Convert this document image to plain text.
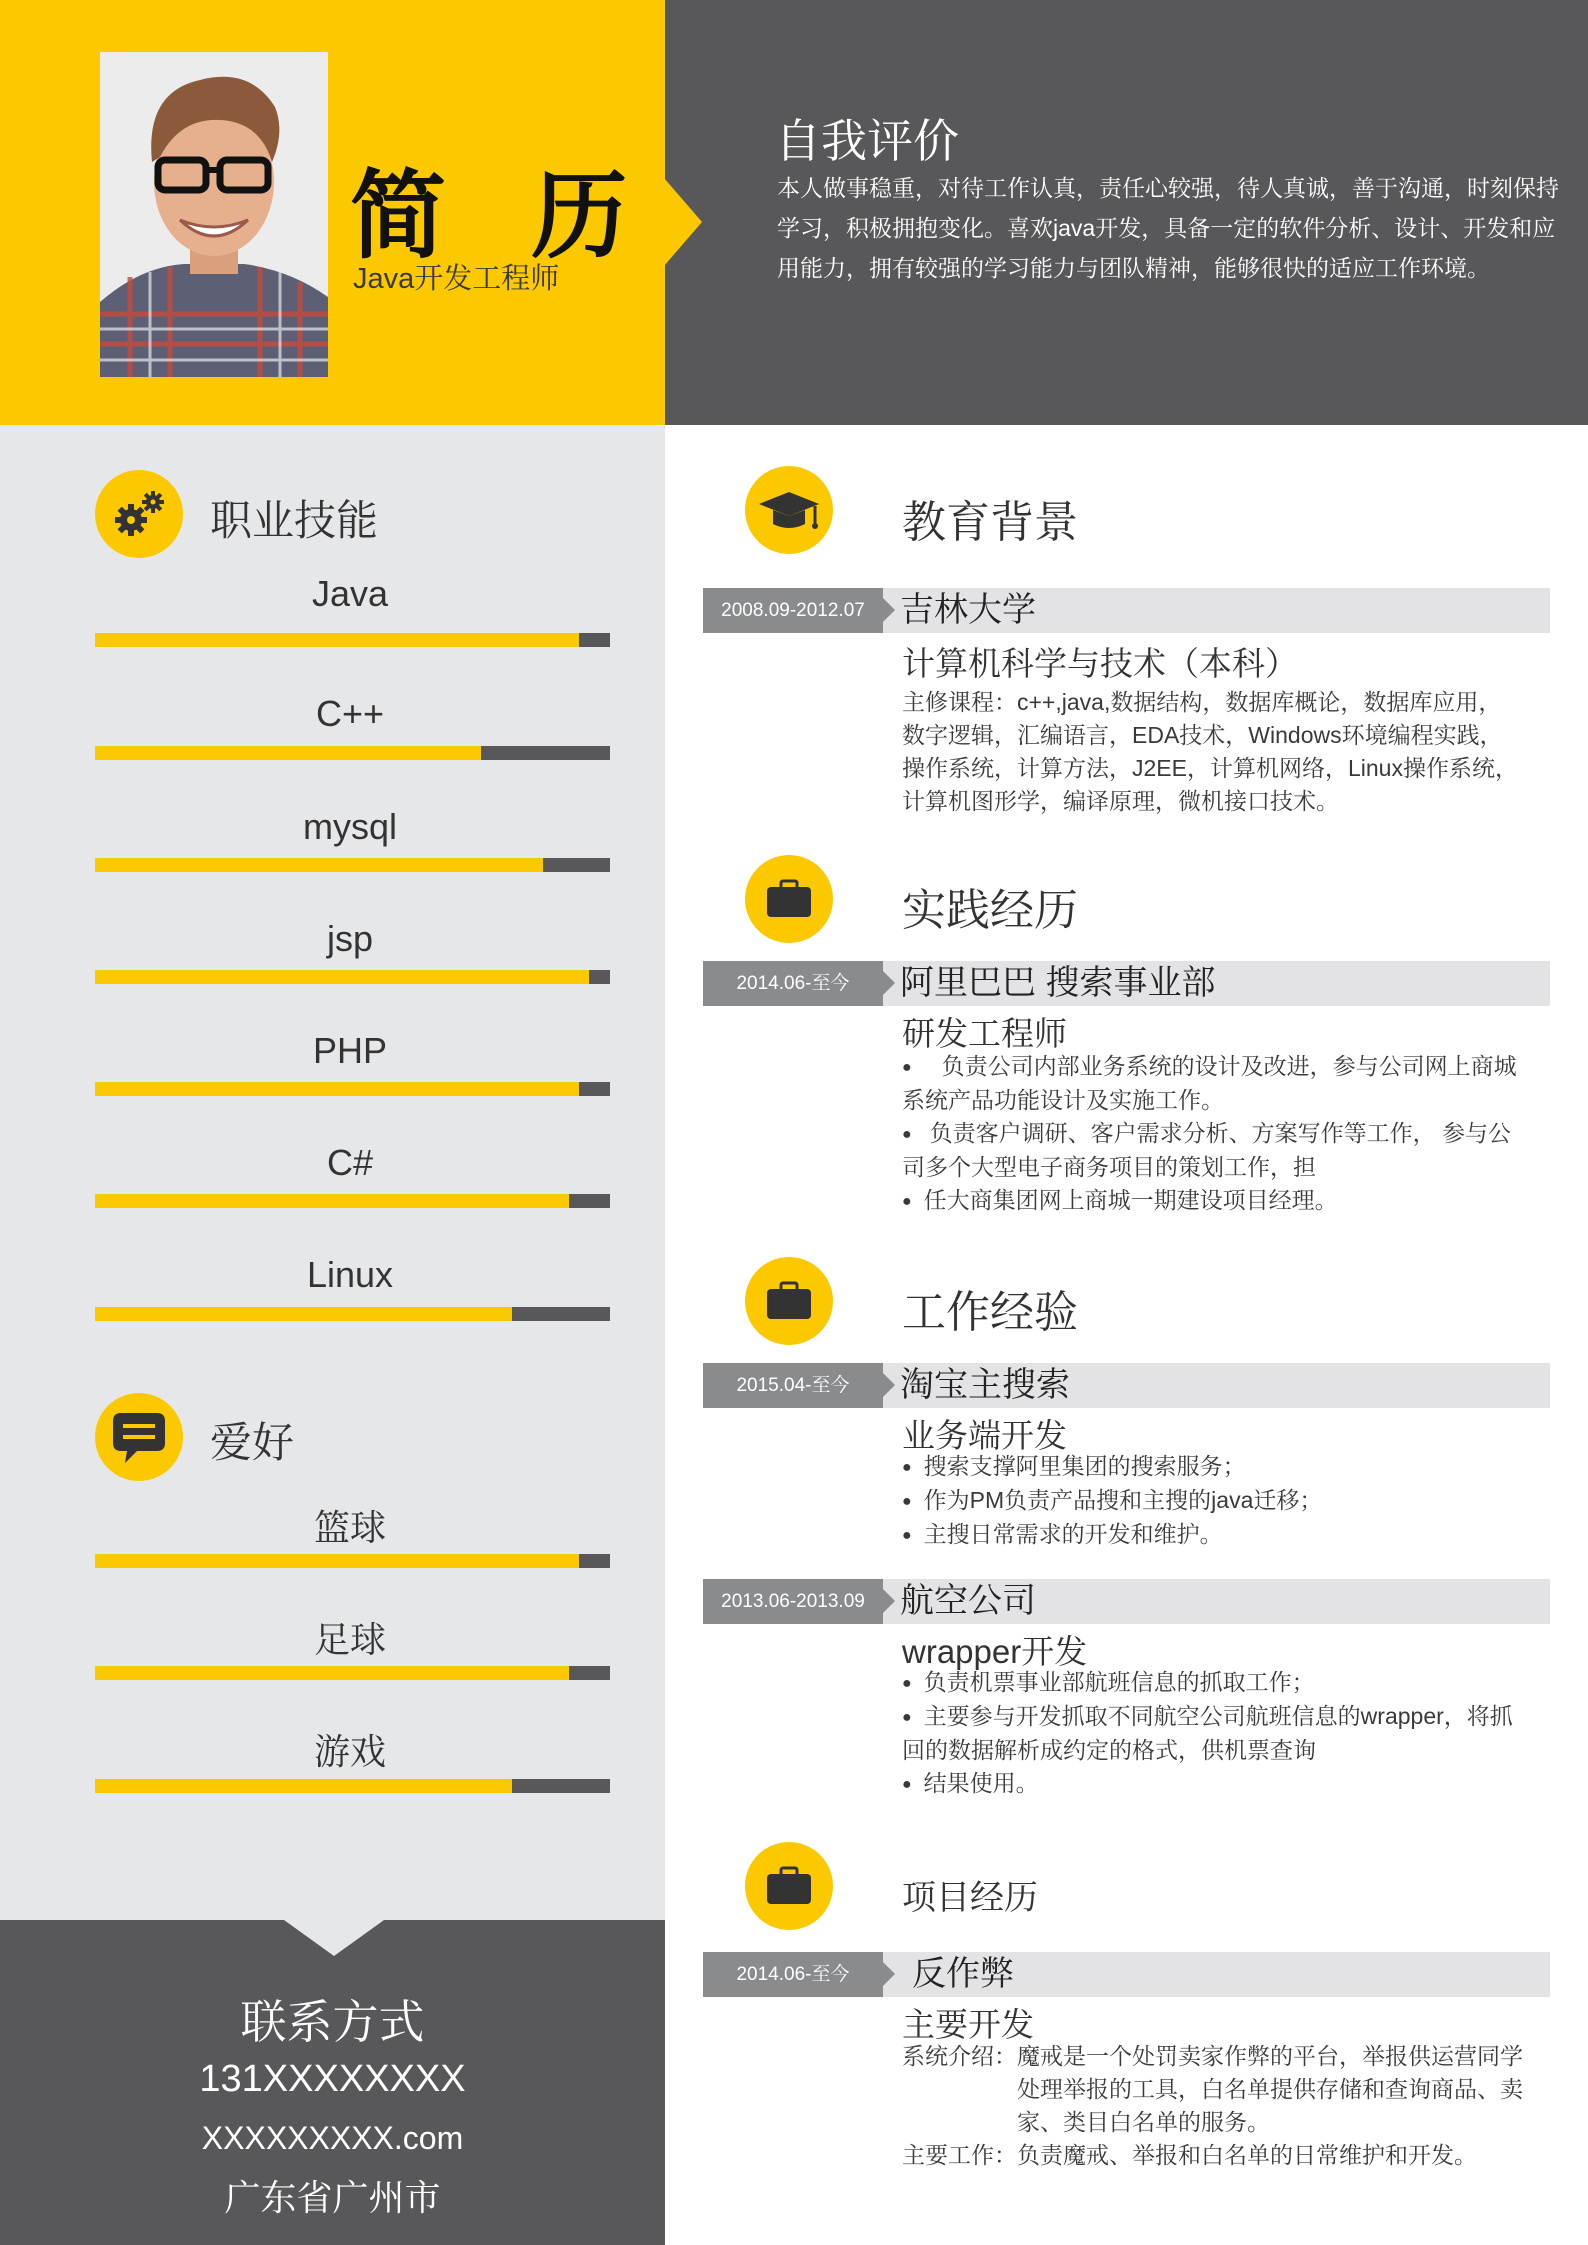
简 历
Java开发工程师
自我评价
本人做事稳重，对待工作认真，责任心较强，待人真诚，善于沟通，时刻保持学习，积极拥抱变化。喜欢java开发，具备一定的软件分析、设计、开发和应用能力，拥有较强的学习能力与团队精神，能够很快的适应工作环境。
职业技能
Java
C++
mysql
jsp
PHP
C#
Linux
爱好
篮球
足球
游戏
联系方式
131XXXXXXXX
XXXXXXXXX.com
广东省广州市
教育背景
2008.09-2012.07	吉林大学
计算机科学与技术（本科）
主修课程：c++,java,数据结构，数据库概论，数据库应用，
数字逻辑，汇编语言，EDA技术，Windows环境编程实践，
操作系统，计算方法，J2EE，计算机网络，Linux操作系统，
计算机图形学，编译原理，微机接口技术。
实践经历
2014.06-至今	阿里巴巴 搜索事业部
研发工程师
● 负责公司内部业务系统的设计及改进，参与公司网上商城
系统产品功能设计及实施工作。
● 负责客户调研、客户需求分析、方案写作等工作， 参与公
司多个大型电子商务项目的策划工作，担
● 任大商集团网上商城一期建设项目经理。
工作经验
2015.04-至今	淘宝主搜索
业务端开发
● 搜索支撑阿里集团的搜索服务；
● 作为PM负责产品搜和主搜的java迁移；
● 主搜日常需求的开发和维护。
2013.06-2013.09	航空公司
wrapper开发
● 负责机票事业部航班信息的抓取工作；
● 主要参与开发抓取不同航空公司航班信息的wrapper，将抓
回的数据解析成约定的格式，供机票查询
● 结果使用。
项目经历
2014.06-至今	反作弊
主要开发
系统介绍： 魔戒是一个处罚卖家作弊的平台，举报供运营同学
处理举报的工具，白名单提供存储和查询商品、卖
家、类目白名单的服务。
主要工作： 负责魔戒、举报和白名单的日常维护和开发。
